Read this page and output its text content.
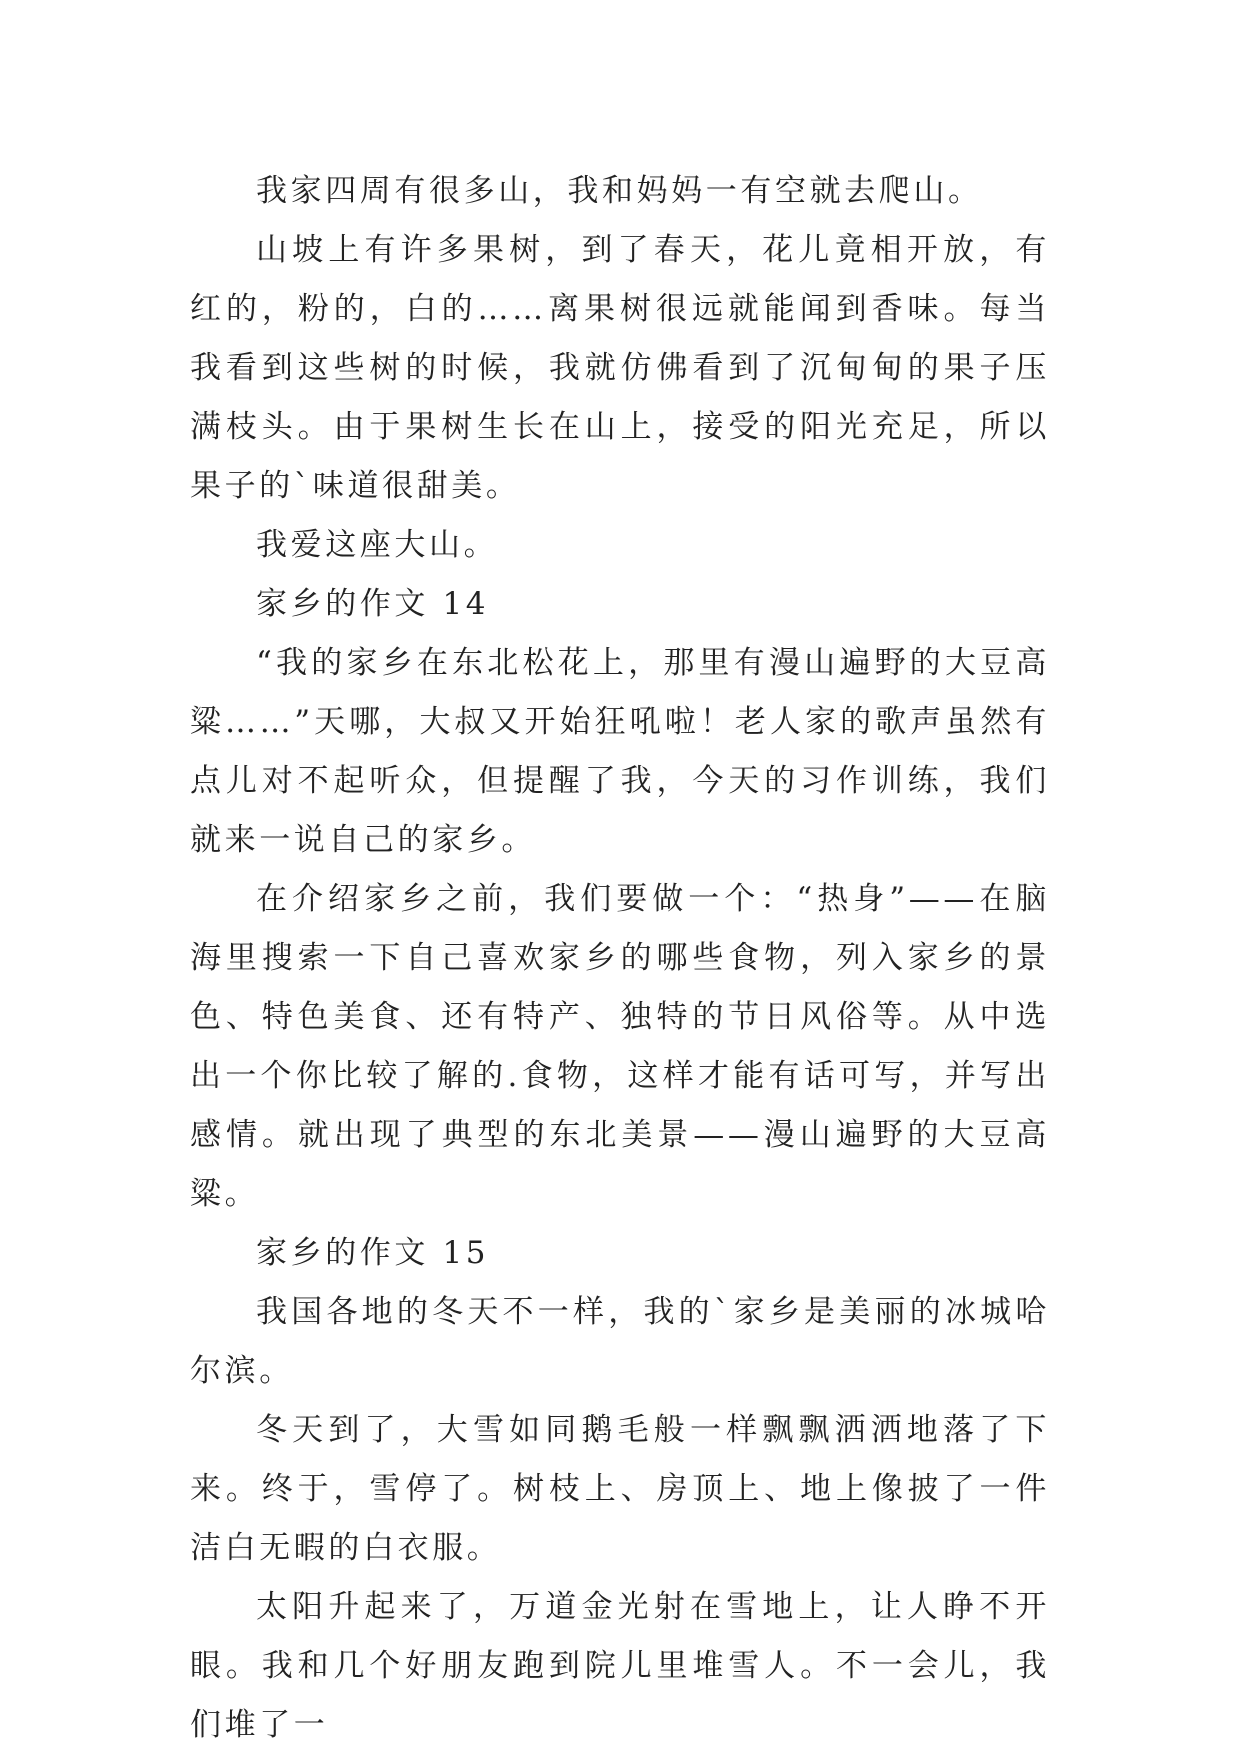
我家四周有很多山，我和妈妈一有空就去爬山。

山坡上有许多果树，到了春天，花儿竟相开放，有红的，粉的，白的……离果树很远就能闻到香味。每当我看到这些树的时候，我就仿佛看到了沉甸甸的果子压满枝头。由于果树生长在山上，接受的阳光充足，所以果子的`味道很甜美。

我爱这座大山。

家乡的作文 14

“我的家乡在东北松花上，那里有漫山遍野的大豆高粱……”天哪，大叔又开始狂吼啦！老人家的歌声虽然有点儿对不起听众，但提醒了我，今天的习作训练，我们就来一说自己的家乡。

在介绍家乡之前，我们要做一个：“热身”——在脑海里搜索一下自己喜欢家乡的哪些食物，列入家乡的景色、特色美食、还有特产、独特的节日风俗等。从中选出一个你比较了解的.食物，这样才能有话可写，并写出感情。就出现了典型的东北美景——漫山遍野的大豆高粱。

家乡的作文 15

我国各地的冬天不一样，我的`家乡是美丽的冰城哈尔滨。

冬天到了，大雪如同鹅毛般一样飘飘洒洒地落了下来。终于，雪停了。树枝上、房顶上、地上像披了一件洁白无暇的白衣服。

太阳升起来了，万道金光射在雪地上，让人睁不开眼。我和几个好朋友跑到院儿里堆雪人。不一会儿，我们堆了一
